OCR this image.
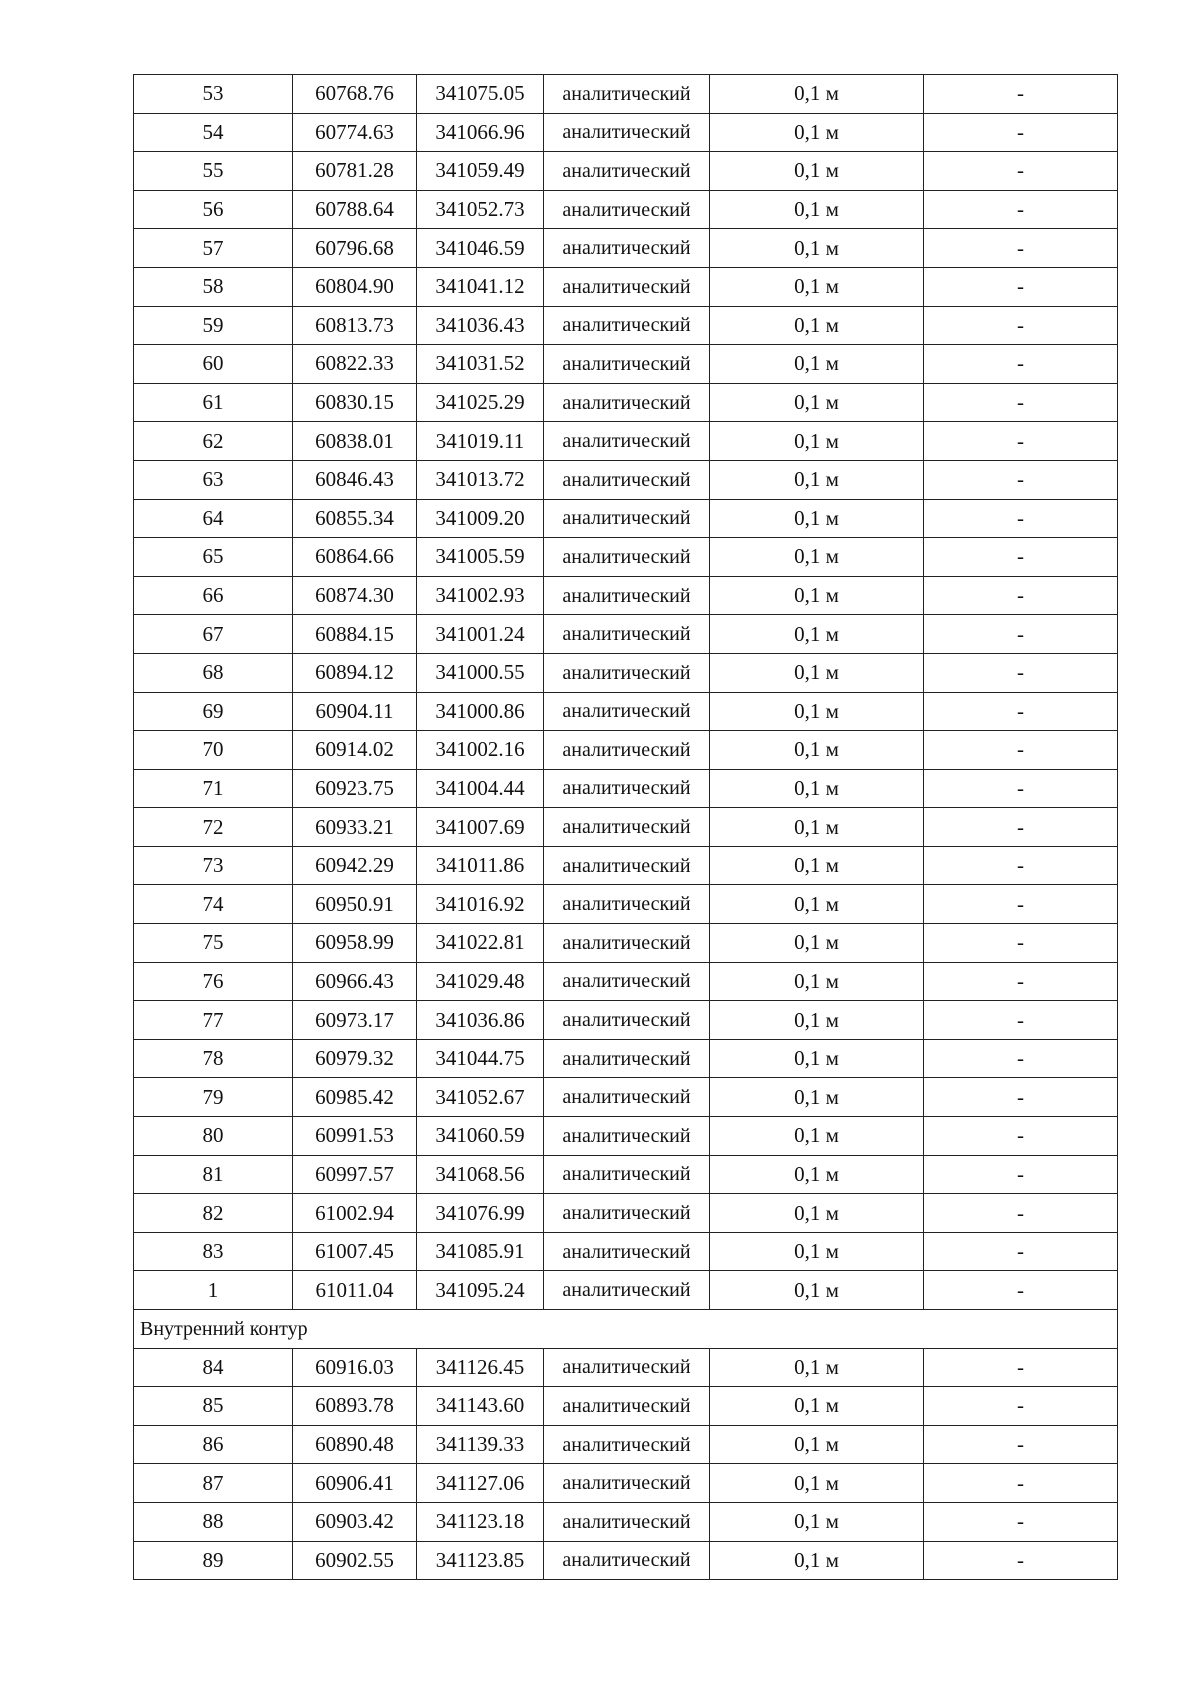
53	60768.76	341075.05	аналитический	0,1 м	-
54	60774.63	341066.96	аналитический	0,1 м	-
55	60781.28	341059.49	аналитический	0,1 м	-
56	60788.64	341052.73	аналитический	0,1 м	-
57	60796.68	341046.59	аналитический	0,1 м	-
58	60804.90	341041.12	аналитический	0,1 м	-
59	60813.73	341036.43	аналитический	0,1 м	-
60	60822.33	341031.52	аналитический	0,1 м	-
61	60830.15	341025.29	аналитический	0,1 м	-
62	60838.01	341019.11	аналитический	0,1 м	-
63	60846.43	341013.72	аналитический	0,1 м	-
64	60855.34	341009.20	аналитический	0,1 м	-
65	60864.66	341005.59	аналитический	0,1 м	-
66	60874.30	341002.93	аналитический	0,1 м	-
67	60884.15	341001.24	аналитический	0,1 м	-
68	60894.12	341000.55	аналитический	0,1 м	-
69	60904.11	341000.86	аналитический	0,1 м	-
70	60914.02	341002.16	аналитический	0,1 м	-
71	60923.75	341004.44	аналитический	0,1 м	-
72	60933.21	341007.69	аналитический	0,1 м	-
73	60942.29	341011.86	аналитический	0,1 м	-
74	60950.91	341016.92	аналитический	0,1 м	-
75	60958.99	341022.81	аналитический	0,1 м	-
76	60966.43	341029.48	аналитический	0,1 м	-
77	60973.17	341036.86	аналитический	0,1 м	-
78	60979.32	341044.75	аналитический	0,1 м	-
79	60985.42	341052.67	аналитический	0,1 м	-
80	60991.53	341060.59	аналитический	0,1 м	-
81	60997.57	341068.56	аналитический	0,1 м	-
82	61002.94	341076.99	аналитический	0,1 м	-
83	61007.45	341085.91	аналитический	0,1 м	-
1	61011.04	341095.24	аналитический	0,1 м	-
Внутренний контур					
84	60916.03	341126.45	аналитический	0,1 м	-
85	60893.78	341143.60	аналитический	0,1 м	-
86	60890.48	341139.33	аналитический	0,1 м	-
87	60906.41	341127.06	аналитический	0,1 м	-
88	60903.42	341123.18	аналитический	0,1 м	-
89	60902.55	341123.85	аналитический	0,1 м	-
